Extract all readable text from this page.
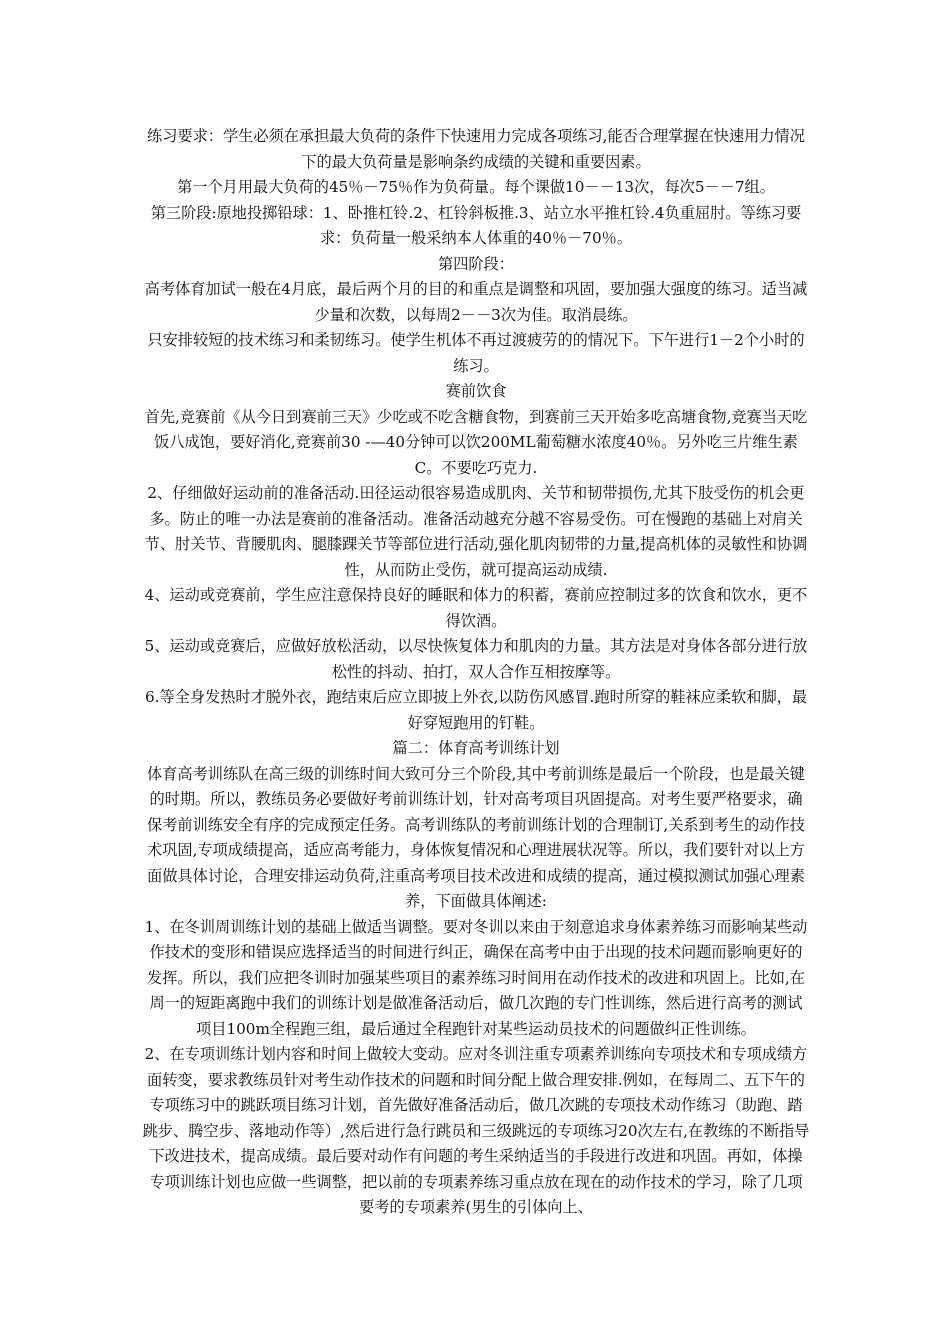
练习要求：学生必须在承担最大负荷的条件下快速用力完成各项练习,能否合理掌握在快速用力情况下的最大负荷量是影响条约成绩的关键和重要因素。

第一个月用最大负荷的45％－75％作为负荷量。每个课做10－－13次，每次5－－7组。

第三阶段:原地投掷铅球：1、卧推杠铃.2、杠铃斜板推.3、站立水平推杠铃.4负重屈肘。等练习要求：负荷量一般采纳本人体重的40％－70％。

第四阶段：

高考体育加试一般在4月底，最后两个月的目的和重点是调整和巩固，要加强大强度的练习。适当减少量和次数，以每周2－－3次为佳。取消晨练。

只安排较短的技术练习和柔韧练习。使学生机体不再过渡疲劳的的情况下。下午进行1－2个小时的练习。

赛前饮食

首先,竞赛前《从今日到赛前三天》少吃或不吃含糖食物，到赛前三天开始多吃高塘食物,竞赛当天吃饭八成饱，要好消化,竞赛前30 -—40分钟可以饮200ML葡萄糖水浓度40％。另外吃三片维生素C。不要吃巧克力.

2、仔细做好运动前的准备活动.田径运动很容易造成肌肉、关节和韧带损伤,尤其下肢受伤的机会更多。防止的唯一办法是赛前的准备活动。准备活动越充分越不容易受伤。可在慢跑的基础上对肩关节、肘关节、背腰肌肉、腿膝踝关节等部位进行活动,强化肌肉韧带的力量,提高机体的灵敏性和协调性，从而防止受伤，就可提高运动成绩.

4、运动或竞赛前，学生应注意保持良好的睡眠和体力的积蓄，赛前应控制过多的饮食和饮水，更不得饮酒。

5、运动或竞赛后，应做好放松活动，以尽快恢复体力和肌肉的力量。其方法是对身体各部分进行放松性的抖动、拍打，双人合作互相按摩等。

6.等全身发热时才脱外衣，跑结束后应立即披上外衣,以防伤风感冒.跑时所穿的鞋袜应柔软和脚，最好穿短跑用的钉鞋。

篇二：体育高考训练计划

体育高考训练队在高三级的训练时间大致可分三个阶段,其中考前训练是最后一个阶段，也是最关键的时期。所以，教练员务必要做好考前训练计划，针对高考项目巩固提高。对考生要严格要求，确保考前训练安全有序的完成预定任务。高考训练队的考前训练计划的合理制订,关系到考生的动作技术巩固,专项成绩提高，适应高考能力，身体恢复情况和心理进展状况等。所以，我们要针对以上方面做具体讨论，合理安排运动负荷,注重高考项目技术改进和成绩的提高，通过模拟测试加强心理素养，下面做具体阐述:

1、在冬训周训练计划的基础上做适当调整。要对冬训以来由于刻意追求身体素养练习而影响某些动作技术的变形和错误应选择适当的时间进行纠正，确保在高考中由于出现的技术问题而影响更好的发挥。所以，我们应把冬训时加强某些项目的素养练习时间用在动作技术的改进和巩固上。比如,在周一的短距离跑中我们的训练计划是做准备活动后，做几次跑的专门性训练，然后进行高考的测试项目100m全程跑三组，最后通过全程跑针对某些运动员技术的问题做纠正性训练。

2、在专项训练计划内容和时间上做较大变动。应对冬训注重专项素养训练向专项技术和专项成绩方面转变，要求教练员针对考生动作技术的问题和时间分配上做合理安排.例如，在每周二、五下午的专项练习中的跳跃项目练习计划，首先做好准备活动后，做几次跳的专项技术动作练习（助跑、踏跳步、腾空步、落地动作等）,然后进行急行跳员和三级跳远的专项练习20次左右,在教练的不断指导下改进技术，提高成绩。最后要对动作有问题的考生采纳适当的手段进行改进和巩固。再如，体操专项训练计划也应做一些调整，把以前的专项素养练习重点放在现在的动作技术的学习，除了几项要考的专项素养(男生的引体向上、
